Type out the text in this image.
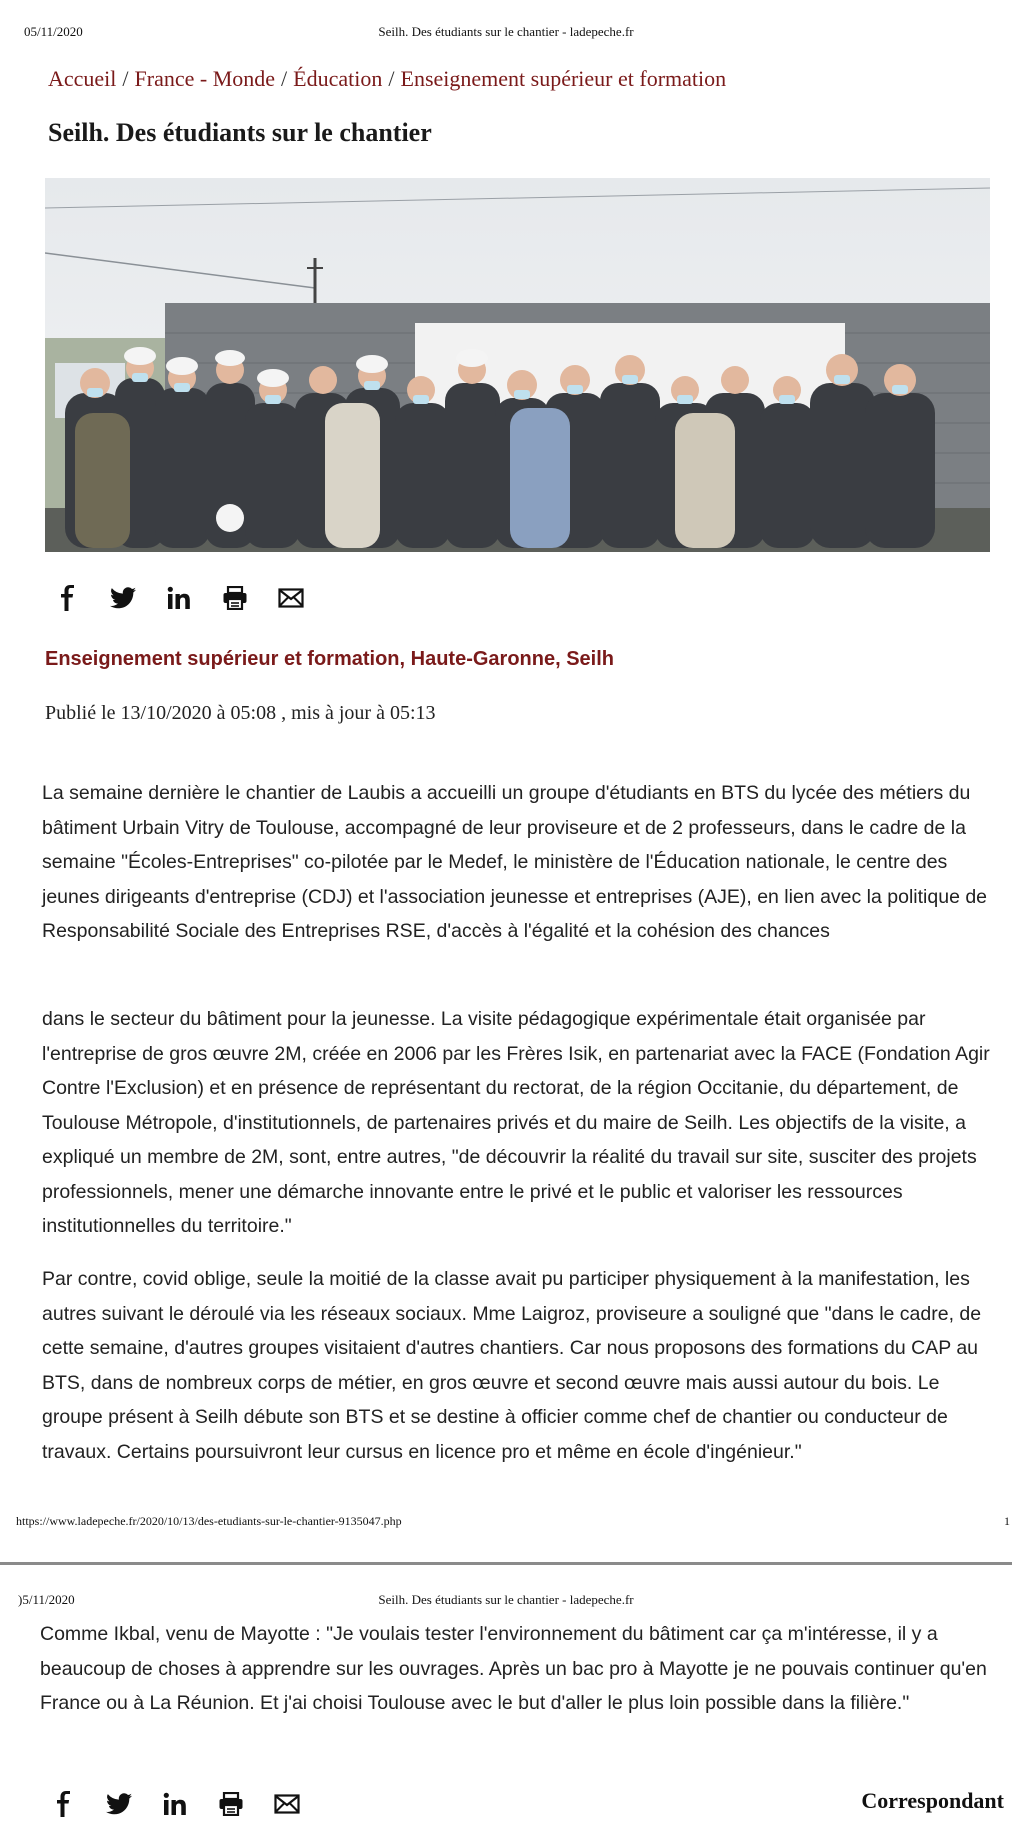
05/11/2020	Seilh. Des étudiants sur le chantier - ladepeche.fr
Accueil / France - Monde / Éducation / Enseignement supérieur et formation
Seilh. Des étudiants sur le chantier
Enseignement supérieur et formation, Haute-Garonne, Seilh
Publié le 13/10/2020 à 05:08 , mis à jour à 05:13

La semaine dernière le chantier de Laubis a accueilli un groupe d'étudiants en BTS du lycée des métiers du bâtiment Urbain Vitry de Toulouse, accompagné de leur proviseure et de 2 professeurs, dans le cadre de la semaine "Écoles-Entreprises" co-pilotée par le Medef, le ministère de l'Éducation nationale, le centre des jeunes dirigeants d'entreprise (CDJ) et l'association jeunesse et entreprises (AJE), en lien avec la politique de Responsabilité Sociale des Entreprises RSE, d'accès à l'égalité et la cohésion des chances

dans le secteur du bâtiment pour la jeunesse. La visite pédagogique expérimentale était organisée par l'entreprise de gros œuvre 2M, créée en 2006 par les Frères Isik, en partenariat avec la FACE (Fondation Agir Contre l'Exclusion) et en présence de représentant du rectorat, de la région Occitanie, du département, de Toulouse Métropole, d'institutionnels, de partenaires privés et du maire de Seilh. Les objectifs de la visite, a expliqué un membre de 2M, sont, entre autres, "de découvrir la réalité du travail sur site, susciter des projets professionnels, mener une démarche innovante entre le privé et le public et valoriser les ressources institutionnelles du territoire."

Par contre, covid oblige, seule la moitié de la classe avait pu participer physiquement à la manifestation, les autres suivant le déroulé via les réseaux sociaux. Mme Laigroz, proviseure a souligné que "dans le cadre, de cette semaine, d'autres groupes visitaient d'autres chantiers. Car nous proposons des formations du CAP au BTS, dans de nombreux corps de métier, en gros œuvre et second œuvre mais aussi autour du bois. Le groupe présent à Seilh débute son BTS et se destine à officier comme chef de chantier ou conducteur de travaux. Certains poursuivront leur cursus en licence pro et même en école d'ingénieur."

https://www.ladepeche.fr/2020/10/13/des-etudiants-sur-le-chantier-9135047.php	1
)5/11/2020	Seilh. Des étudiants sur le chantier - ladepeche.fr

Comme Ikbal, venu de Mayotte : "Je voulais tester l'environnement du bâtiment car ça m'intéresse, il y a beaucoup de choses à apprendre sur les ouvrages. Après un bac pro à Mayotte je ne pouvais continuer qu'en France ou à La Réunion. Et j'ai choisi Toulouse avec le but d'aller le plus loin possible dans la filière."

Correspondant
